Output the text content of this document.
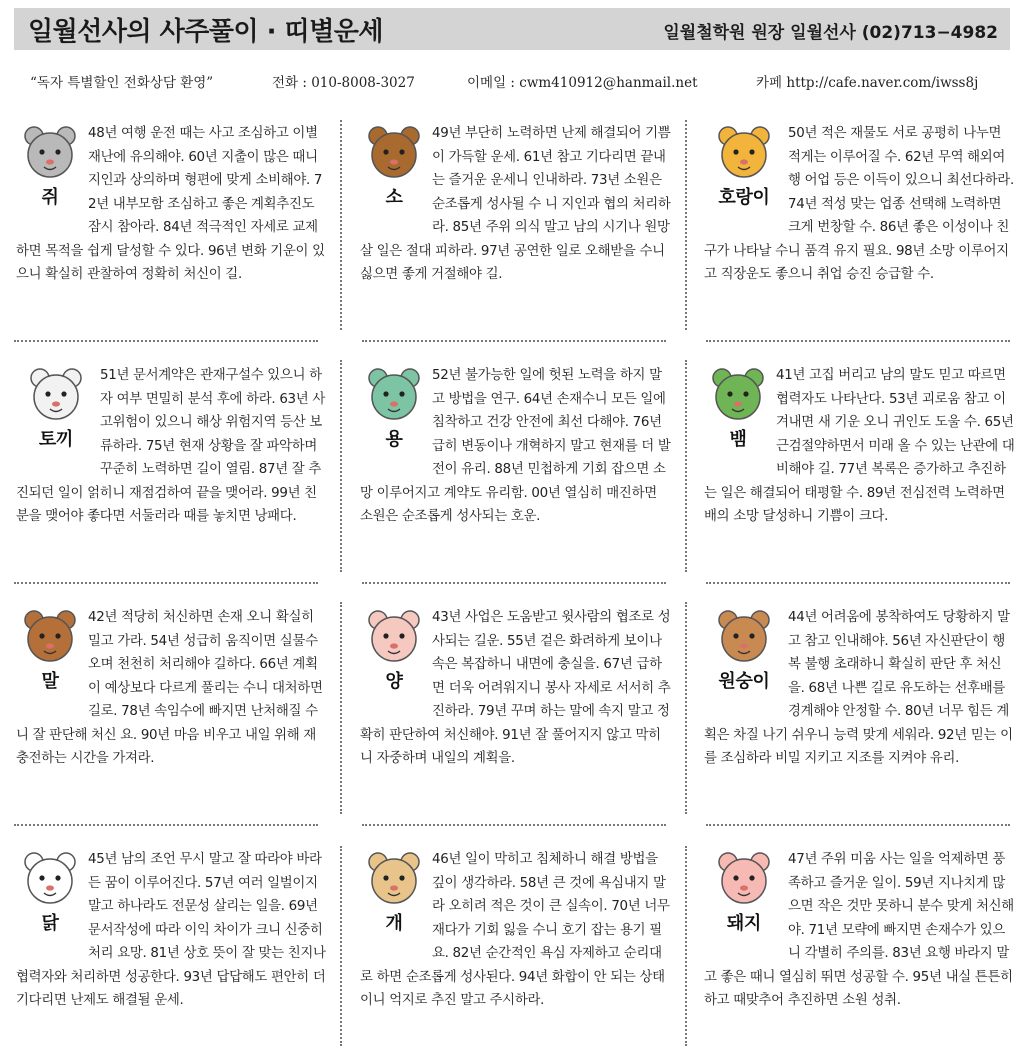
일월선사의 사주풀이 · 띠별운세	일월철학원 원장 일월선사 (02)713−4982
“독자 특별할인 전화상담 환영”	전화 : 010-8008-3027	이메일 : cwm410912@hanmail.net	카페 http://cafe.naver.com/iwss8j
쥐
48년 여행 운전 때는 사고 조심하고 이별 재난에 유의해야. 60년 지출이 많은 때니 지인과 상의하며 형편에 맞게 소비해야. 72년 내부모함 조심하고 좋은 계획추진도 잠시 참아라. 84년 적극적인 자세로 교제하면 목적을 쉽게 달성할 수 있다. 96년 변화 기운이 있으니 확실히 관찰하여 정확히 처신이 길.
소
49년 부단히 노력하면 난제 해결되어 기쁨이 가득할 운세. 61년 참고 기다리면 끝내는 즐거운 운세니 인내하라. 73년 소원은 순조롭게 성사될 수 니 지인과 협의 처리하라. 85년 주위 의식 말고 남의 시기나 원망 살 일은 절대 피하라. 97년 공연한 일로 오해받을 수니 싫으면 좋게 거절해야 길.
호랑이
50년 적은 재물도 서로 공평히 나누면 적게는 이루어질 수. 62년 무역 해외여행 어업 등은 이득이 있으니 최선다하라. 74년 적성 맞는 업종 선택해 노력하면 크게 번창할 수. 86년 좋은 이성이나 친구가 나타날 수니 품격 유지 필요. 98년 소망 이루어지고 직장운도 좋으니 취업 승진 승급할 수.
토끼
51년 문서계약은 관재구설수 있으니 하자 여부 면밀히 분석 후에 하라. 63년 사고위험이 있으니 해상 위험지역 등산 보류하라. 75년 현재 상황을 잘 파악하며 꾸준히 노력하면 길이 열림. 87년 잘 추진되던 일이 얽히니 재점검하여 끝을 맺어라. 99년 친분을 맺어야 좋다면 서둘러라 때를 놓치면 낭패다.
용
52년 불가능한 일에 헛된 노력을 하지 말고 방법을 연구. 64년 손재수니 모든 일에 침착하고 건강 안전에 최선 다해야. 76년 급히 변동이나 개혁하지 말고 현재를 더 발전이 유리. 88년 민첩하게 기회 잡으면 소망 이루어지고 계약도 유리함. 00년 열심히 매진하면 소원은 순조롭게 성사되는 호운.
뱀
41년 고집 버리고 남의 말도 믿고 따르면 협력자도 나타난다. 53년 괴로움 참고 이겨내면 새 기운 오니 귀인도 도울 수. 65년 근검절약하면서 미래 올 수 있는 난관에 대비해야 길. 77년 복록은 증가하고 추진하는 일은 해결되어 태평할 수. 89년 전심전력 노력하면 배의 소망 달성하니 기쁨이 크다.
말
42년 적당히 처신하면 손재 오니 확실히 밀고 가라. 54년 성급히 움직이면 실물수 오며 천천히 처리해야 길하다. 66년 계획이 예상보다 다르게 풀리는 수니 대처하면 길로. 78년 속임수에 빠지면 난처해질 수니 잘 판단해 처신 요. 90년 마음 비우고 내일 위해 재충전하는 시간을 가져라.
양
43년 사업은 도움받고 윗사람의 협조로 성사되는 길운. 55년 겉은 화려하게 보이나 속은 복잡하니 내면에 충실을. 67년 급하면 더욱 어려워지니 봉사 자세로 서서히 추진하라. 79년 꾸며 하는 말에 속지 말고 정확히 판단하여 처신해야. 91년 잘 풀어지지 않고 막히니 자중하며 내일의 계획을.
원숭이
44년 어려움에 봉착하여도 당황하지 말고 참고 인내해야. 56년 자신판단이 행복 불행 초래하니 확실히 판단 후 처신을. 68년 나쁜 길로 유도하는 선후배를 경계해야 안정할 수. 80년 너무 힘든 계획은 차질 나기 쉬우니 능력 맞게 세워라. 92년 믿는 이를 조심하라 비밀 지키고 지조를 지켜야 유리.
닭
45년 남의 조언 무시 말고 잘 따라야 바라든 꿈이 이루어진다. 57년 여러 일벌이지 말고 하나라도 전문성 살리는 일을. 69년 문서작성에 따라 이익 차이가 크니 신중히 처리 요망. 81년 상호 뜻이 잘 맞는 친지나 협력자와 처리하면 성공한다. 93년 답답해도 편안히 더 기다리면 난제도 해결될 운세.
개
46년 일이 막히고 침체하니 해결 방법을 깊이 생각하라. 58년 큰 것에 욕심내지 말라 오히려 적은 것이 큰 실속이. 70년 너무 재다가 기회 잃을 수니 호기 잡는 용기 필요. 82년 순간적인 욕심 자제하고 순리대로 하면 순조롭게 성사된다. 94년 화합이 안 되는 상태이니 억지로 추진 말고 주시하라.
돼지
47년 주위 미움 사는 일을 억제하면 풍족하고 즐거운 일이. 59년 지나치게 많으면 작은 것만 못하니 분수 맞게 처신해야. 71년 모략에 빠지면 손재수가 있으니 각별히 주의를. 83년 요행 바라지 말고 좋은 때니 열심히 뛰면 성공할 수. 95년 내실 튼튼히 하고 때맞추어 추진하면 소원 성취.
